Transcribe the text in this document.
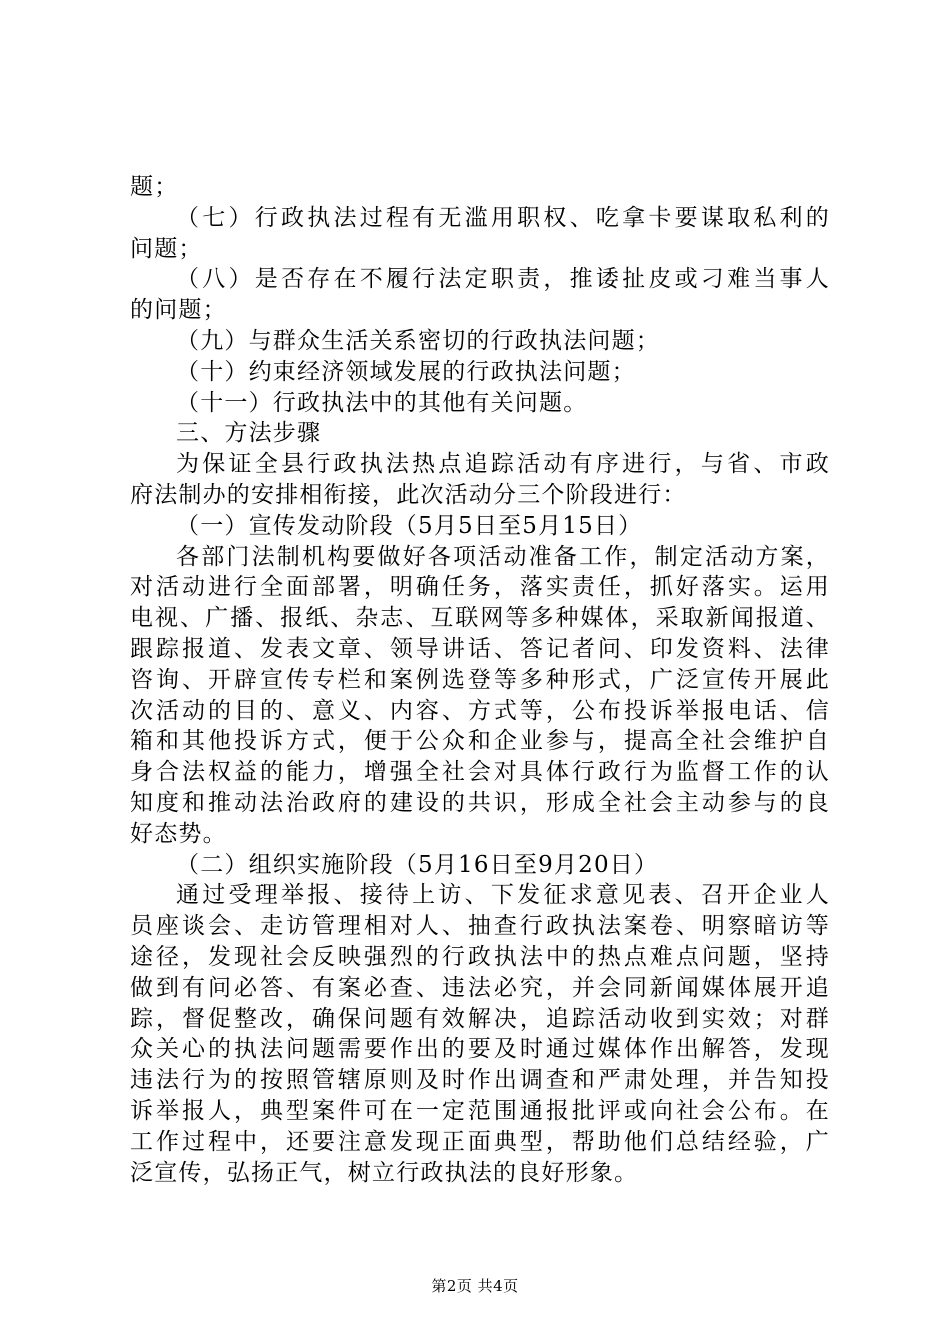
题；
（七）行政执法过程有无滥用职权、吃拿卡要谋取私利的
问题；
（八）是否存在不履行法定职责，推诿扯皮或刁难当事人
的问题；
（九）与群众生活关系密切的行政执法问题；
（十）约束经济领域发展的行政执法问题；
（十一）行政执法中的其他有关问题。
三、方法步骤
为保证全县行政执法热点追踪活动有序进行，与省、市政
府法制办的安排相衔接，此次活动分三个阶段进行：
（一）宣传发动阶段（5月5日至5月15日）
各部门法制机构要做好各项活动准备工作，制定活动方案，
对活动进行全面部署，明确任务，落实责任，抓好落实。运用
电视、广播、报纸、杂志、互联网等多种媒体，采取新闻报道、
跟踪报道、发表文章、领导讲话、答记者问、印发资料、法律
咨询、开辟宣传专栏和案例选登等多种形式，广泛宣传开展此
次活动的目的、意义、内容、方式等，公布投诉举报电话、信
箱和其他投诉方式，便于公众和企业参与，提高全社会维护自
身合法权益的能力，增强全社会对具体行政行为监督工作的认
知度和推动法治政府的建设的共识，形成全社会主动参与的良
好态势。
（二）组织实施阶段（5月16日至9月20日）
通过受理举报、接待上访、下发征求意见表、召开企业人
员座谈会、走访管理相对人、抽查行政执法案卷、明察暗访等
途径，发现社会反映强烈的行政执法中的热点难点问题，坚持
做到有问必答、有案必查、违法必究，并会同新闻媒体展开追
踪，督促整改，确保问题有效解决，追踪活动收到实效；对群
众关心的执法问题需要作出的要及时通过媒体作出解答，发现
违法行为的按照管辖原则及时作出调查和严肃处理，并告知投
诉举报人，典型案件可在一定范围通报批评或向社会公布。在
工作过程中，还要注意发现正面典型，帮助他们总结经验，广
泛宣传，弘扬正气，树立行政执法的良好形象。
第2页 共4页
